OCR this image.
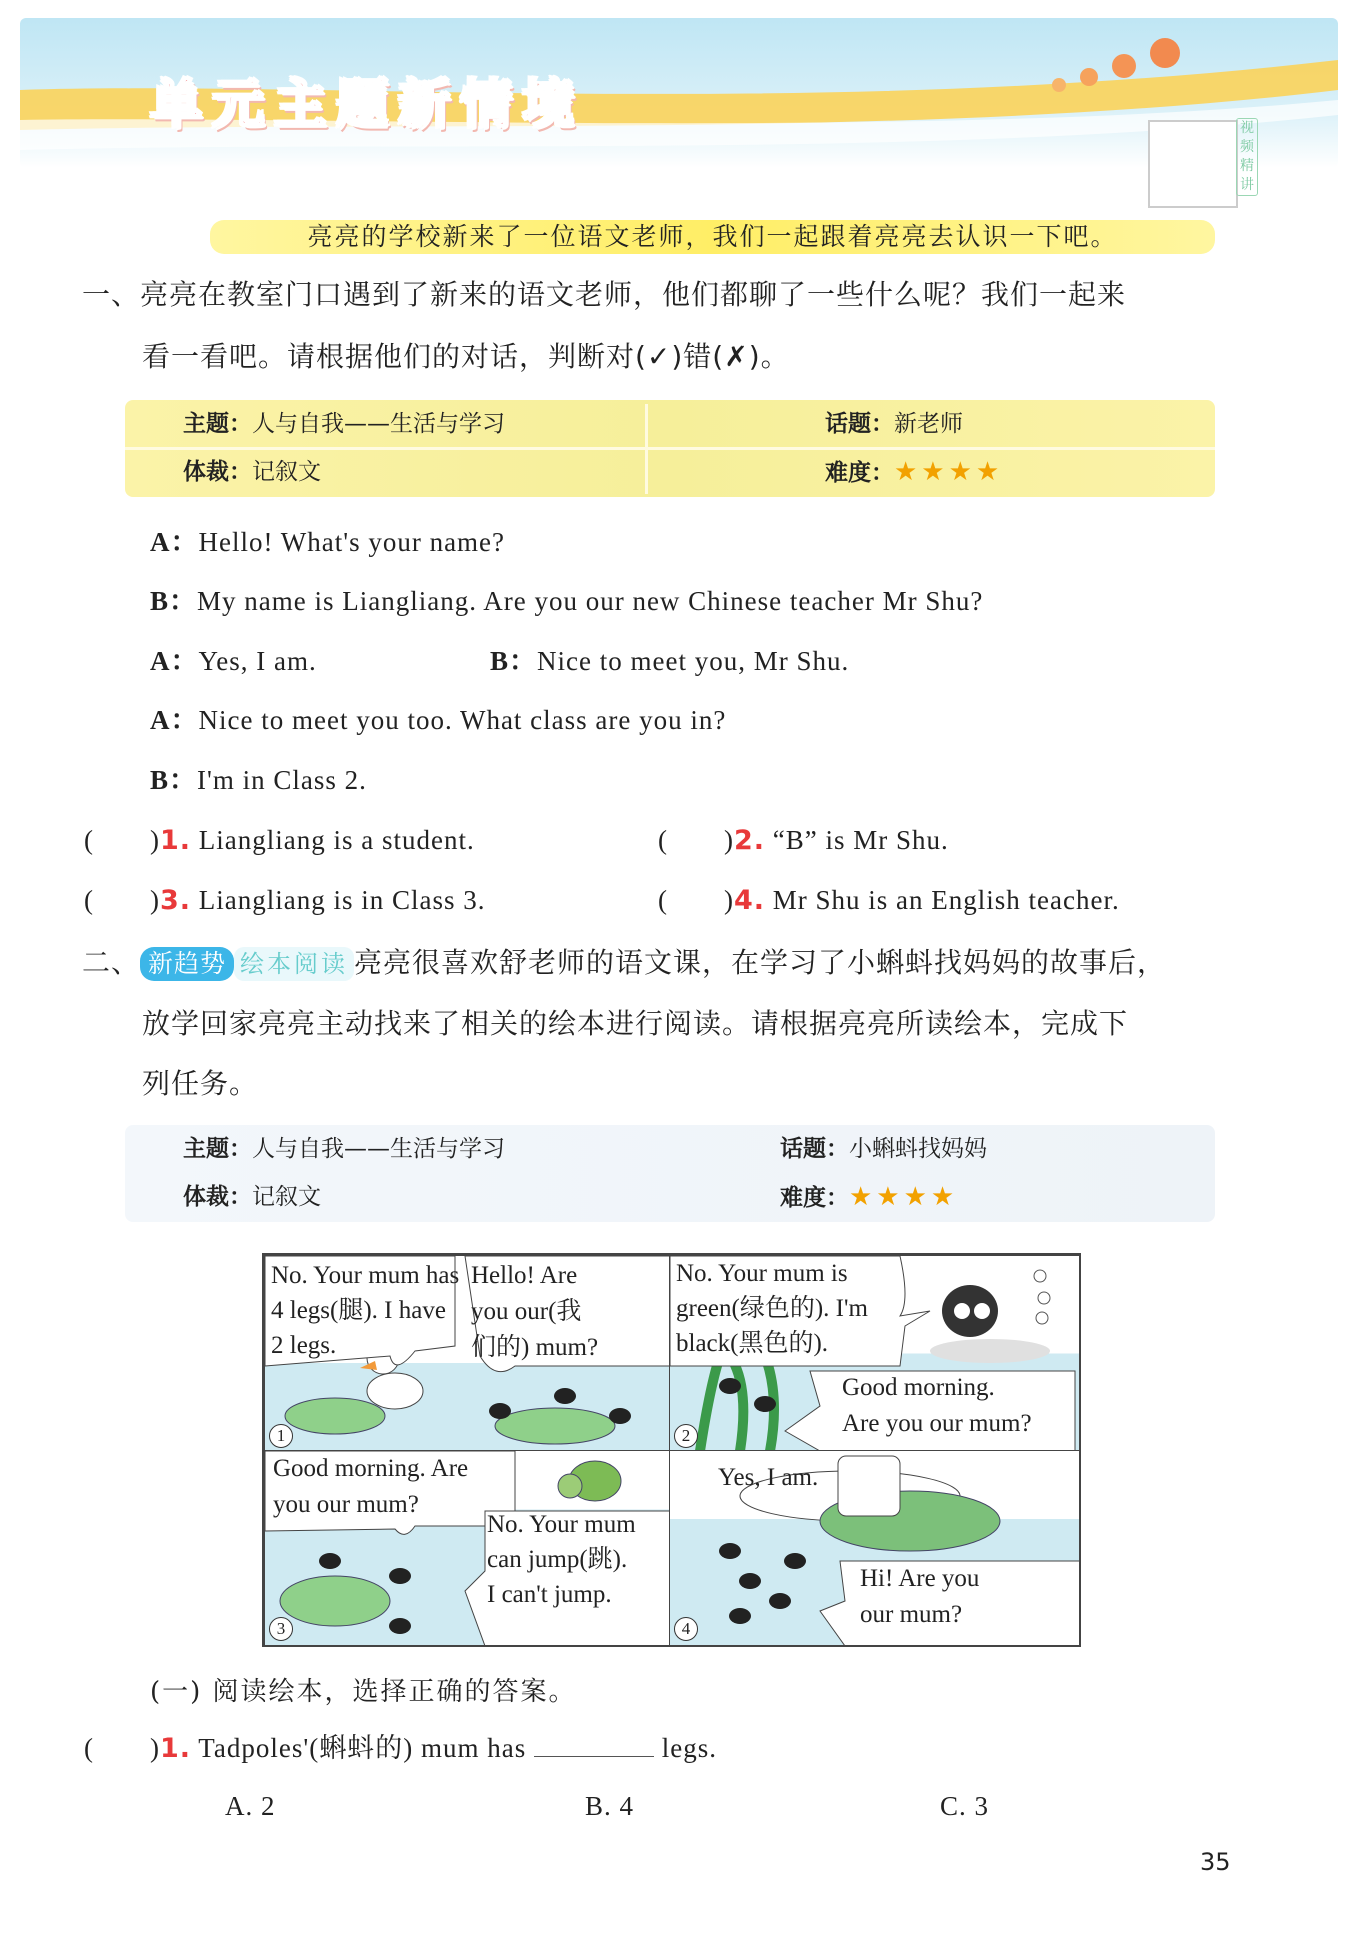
单元主题新情境	视频精讲
亮亮的学校新来了一位语文老师，我们一起跟着亮亮去认识一下吧。
一、亮亮在教室门口遇到了新来的语文老师，他们都聊了一些什么呢？我们一起来
看一看吧。请根据他们的对话，判断对(✓)错(✗)。
主题：人与自我——生活与学习	话题：新老师
体裁：记叙文	难度：★★★★
A：Hello! What's your name?
B：My name is Liangliang. Are you our new Chinese teacher Mr Shu?
A：Yes, I am.	B：Nice to meet you, Mr Shu.
A：Nice to meet you too. What class are you in?
B：I'm in Class 2.
(　　)1. Liangliang is a student.	(　　)2. “B” is Mr Shu.
(　　)3. Liangliang is in Class 3.	(　　)4. Mr Shu is an English teacher.
二、 新趋势 绘本阅读 亮亮很喜欢舒老师的语文课，在学习了小蝌蚪找妈妈的故事后，
放学回家亮亮主动找来了相关的绘本进行阅读。请根据亮亮所读绘本，完成下
列任务。
主题：人与自我——生活与学习	话题：小蝌蚪找妈妈
体裁：记叙文	难度：★★★★
No. Your mum has
4 legs(腿). I have
2 legs.
Hello! Are
you our(我
们的) mum?
1
No. Your mum is
green(绿色的). I'm
black(黑色的).
Good morning.
Are you our mum?
2
Good morning. Are
you our mum?
No. Your mum
can jump(跳).
I can't jump.
3
Yes, I am.
Hi! Are you
our mum?
4
(一) 阅读绘本，选择正确的答案。
(　　)1. Tadpoles'(蝌蚪的) mum has	legs.
A. 2	B. 4	C. 3
35
